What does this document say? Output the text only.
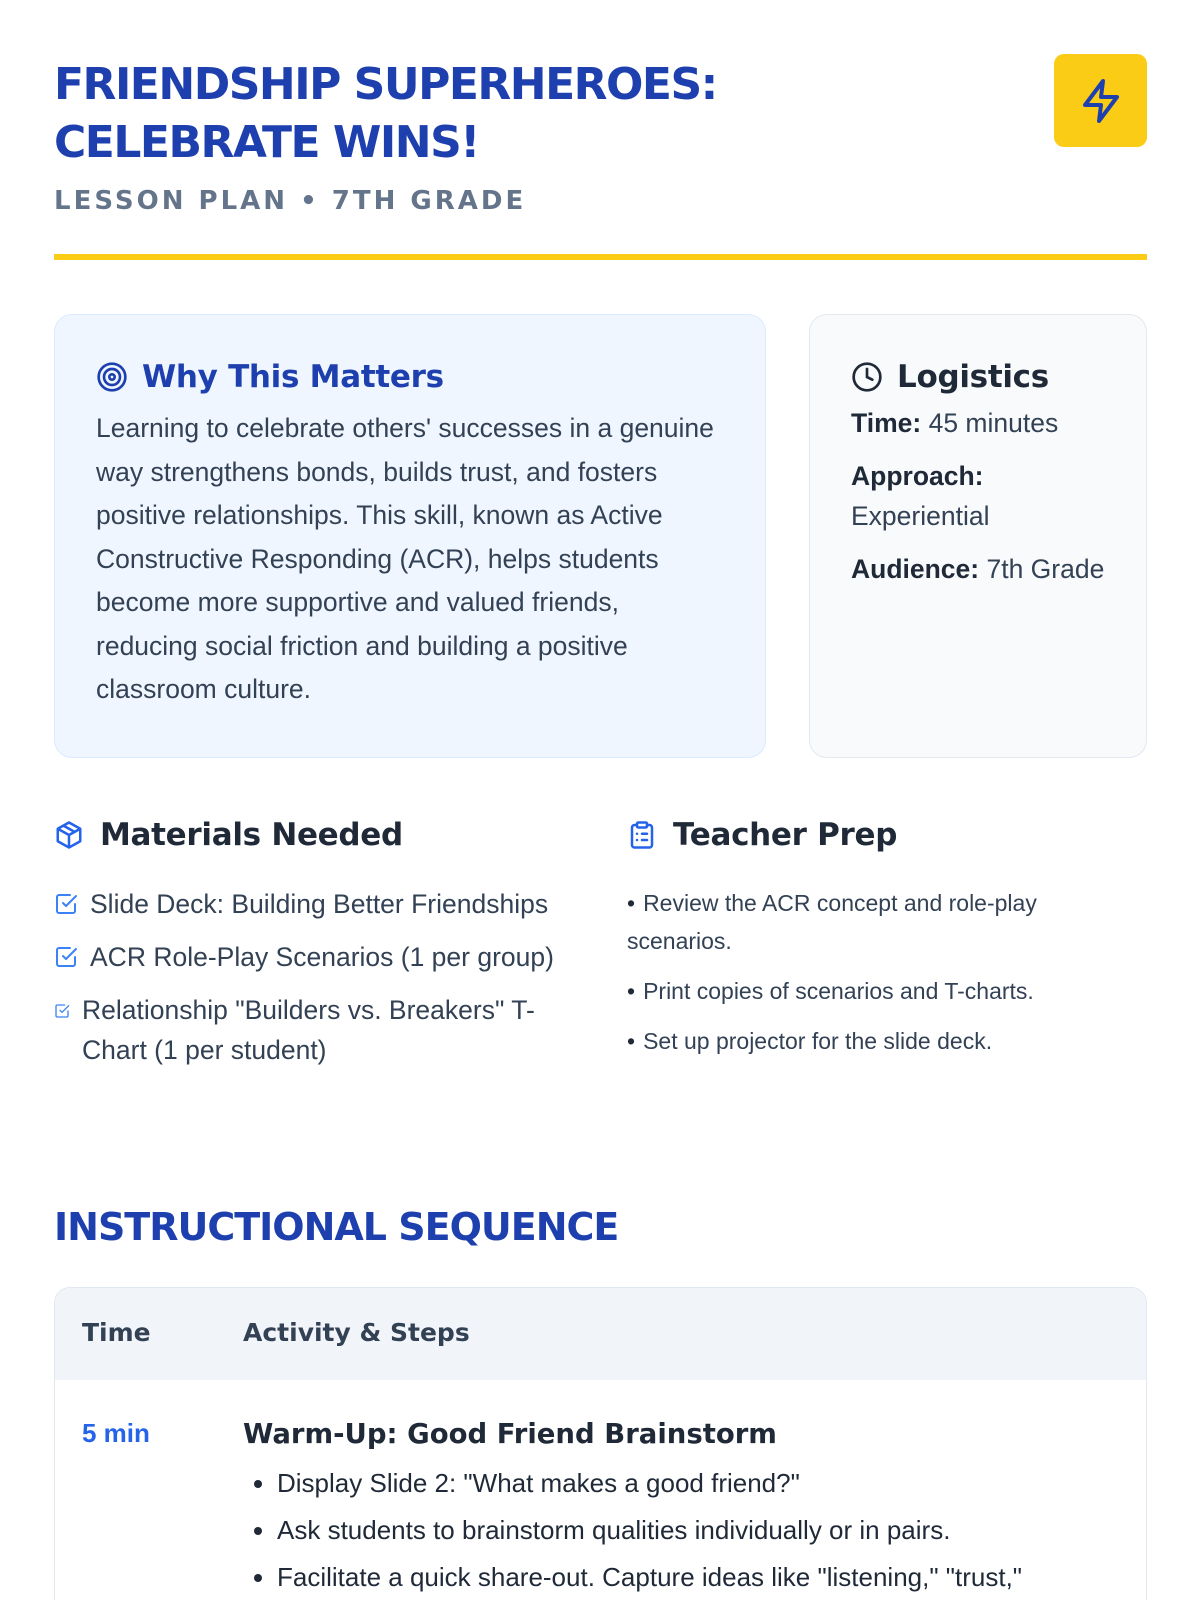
FRIENDSHIP SUPERHEROES: CELEBRATE WINS!
LESSON PLAN • 7TH GRADE
Why This Matters

Learning to celebrate others' successes in a genuine way strengthens bonds, builds trust, and fosters positive relationships. This skill, known as Active Constructive Responding (ACR), helps students become more supportive and valued friends, reducing social friction and building a positive classroom culture.

Logistics
Time: 45 minutes
Approach: Experiential
Audience: 7th Grade
Materials Needed
Slide Deck: Building Better Friendships
ACR Role-Play Scenarios (1 per group)
Relationship "Builders vs. Breakers" T-Chart (1 per student)
Teacher Prep
• Review the ACR concept and role-play scenarios.
• Print copies of scenarios and T-charts.
• Set up projector for the slide deck.
INSTRUCTIONAL SEQUENCE
Time	Activity & Steps
5 min	Warm-Up: Good Friend Brainstorm
• Display Slide 2: "What makes a good friend?"
• Ask students to brainstorm qualities individually or in pairs.
• Facilitate a quick share-out. Capture ideas like "listening," "trust,"
